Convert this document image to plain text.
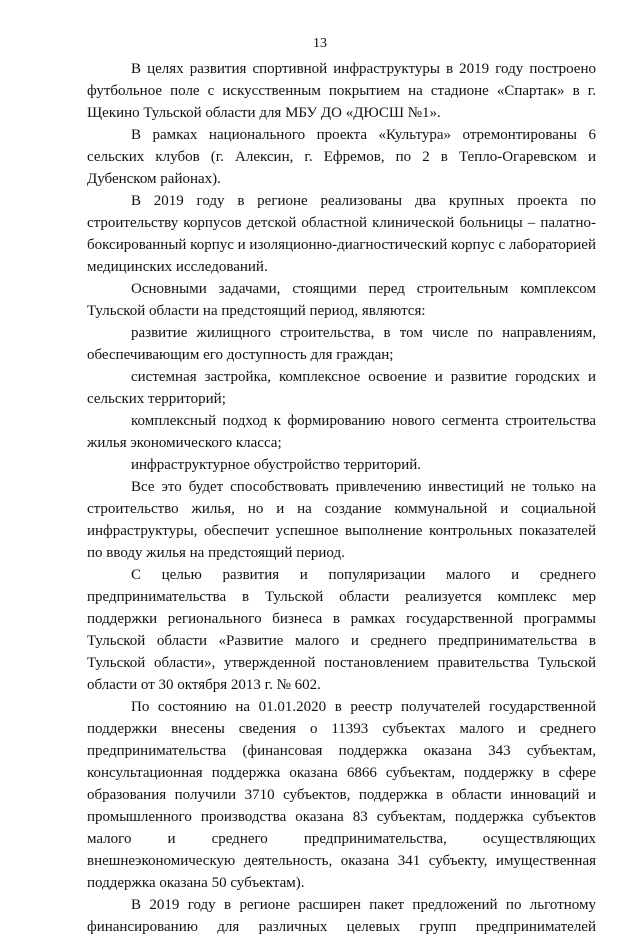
13

В целях развития спортивной инфраструктуры в 2019 году построено футбольное поле с искусственным покрытием на стадионе «Спартак» в г. Щекино Тульской области для МБУ ДО «ДЮСШ №1».

В рамках национального проекта «Культура» отремонтированы 6 сельских клубов (г. Алексин, г. Ефремов, по 2 в Тепло-Огаревском и Дубенском районах).

В 2019 году в регионе реализованы два крупных проекта по строительству корпусов детской областной клинической больницы – палатно-боксированный корпус и изоляционно-диагностический корпус с лабораторией медицинских исследований.

Основными задачами, стоящими перед строительным комплексом Тульской области на предстоящий период, являются:

развитие жилищного строительства, в том числе по направлениям, обеспечивающим его доступность для граждан;

системная застройка, комплексное освоение и развитие городских и сельских территорий;

комплексный подход к формированию нового сегмента строительства жилья экономического класса;

инфраструктурное обустройство территорий.

Все это будет способствовать привлечению инвестиций не только на строительство жилья, но и на создание коммунальной и социальной инфраструктуры, обеспечит успешное выполнение контрольных показателей по вводу жилья на предстоящий период.

С целью развития и популяризации малого и среднего предпринимательства в Тульской области реализуется комплекс мер поддержки регионального бизнеса в рамках государственной программы Тульской области «Развитие малого и среднего предпринимательства в Тульской области», утвержденной постановлением правительства Тульской области от 30 октября 2013 г. № 602.

По состоянию на 01.01.2020 в реестр получателей государственной поддержки внесены сведения о 11393 субъектах малого и среднего предпринимательства (финансовая поддержка оказана 343 субъектам, консультационная поддержка оказана 6866 субъектам, поддержку в сфере образования получили 3710 субъектов, поддержка в области инноваций и промышленного производства оказана 83 субъектам, поддержка субъектов малого и среднего предпринимательства, осуществляющих внешнеэкономическую деятельность, оказана 341 субъекту, имущественная поддержка оказана 50 субъектам).

В 2019 году в регионе расширен пакет предложений по льготному финансированию для различных целевых групп предпринимателей
